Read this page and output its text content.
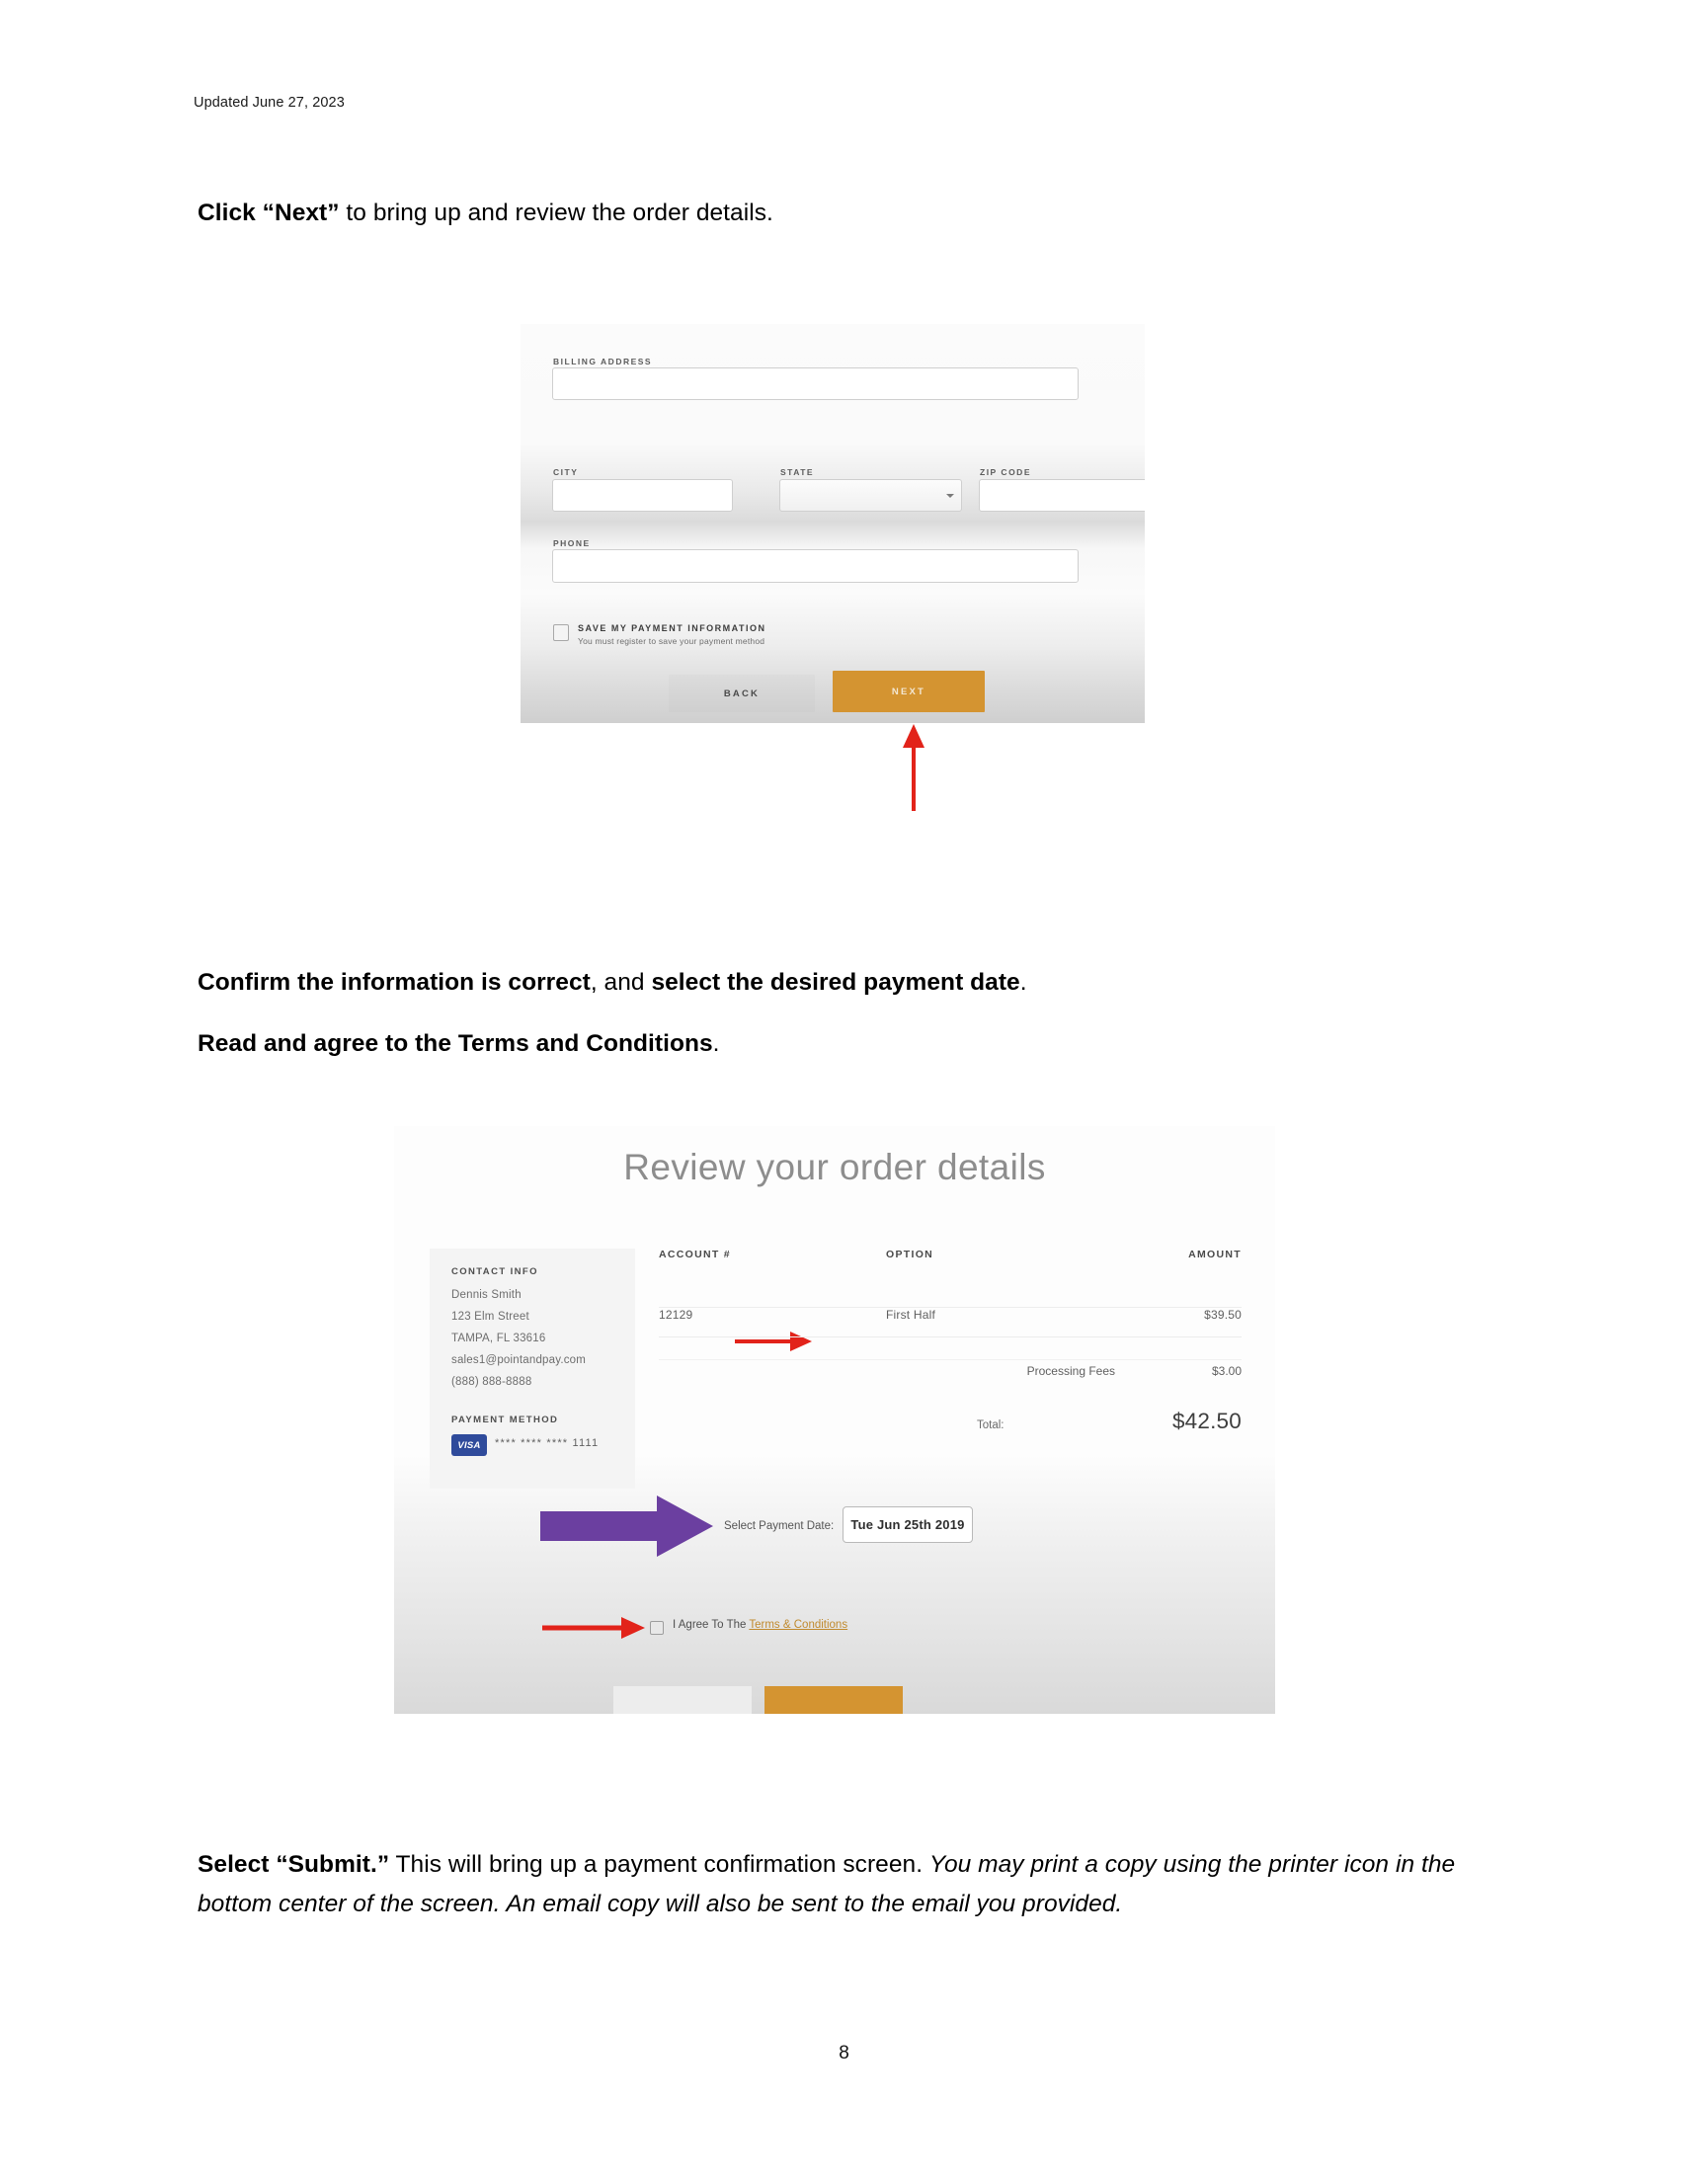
Updated June 27, 2023
Click “Next” to bring up and review the order details.
BILLING ADDRESS
CITY	STATE	ZIP CODE
PHONE
SAVE MY PAYMENT INFORMATION
You must register to save your payment method
BACK	NEXT
Confirm the information is correct, and select the desired payment date.
Read and agree to the Terms and Conditions.
Review your order details
CONTACT INFO
Dennis Smith
123 Elm Street
TAMPA, FL 33616
sales1@pointandpay.com
(888) 888-8888
PAYMENT METHOD
VISA	**** **** **** 1111
ACCOUNT #	OPTION	AMOUNT
12129	First Half	$39.50
Processing Fees	$3.00
Total:	$42.50
Select Payment Date:	Tue Jun 25th 2019
I Agree To The Terms & Conditions
Select “Submit.” This will bring up a payment confirmation screen. You may print a copy using the printer icon in the bottom center of the screen. An email copy will also be sent to the email you provided.
8
